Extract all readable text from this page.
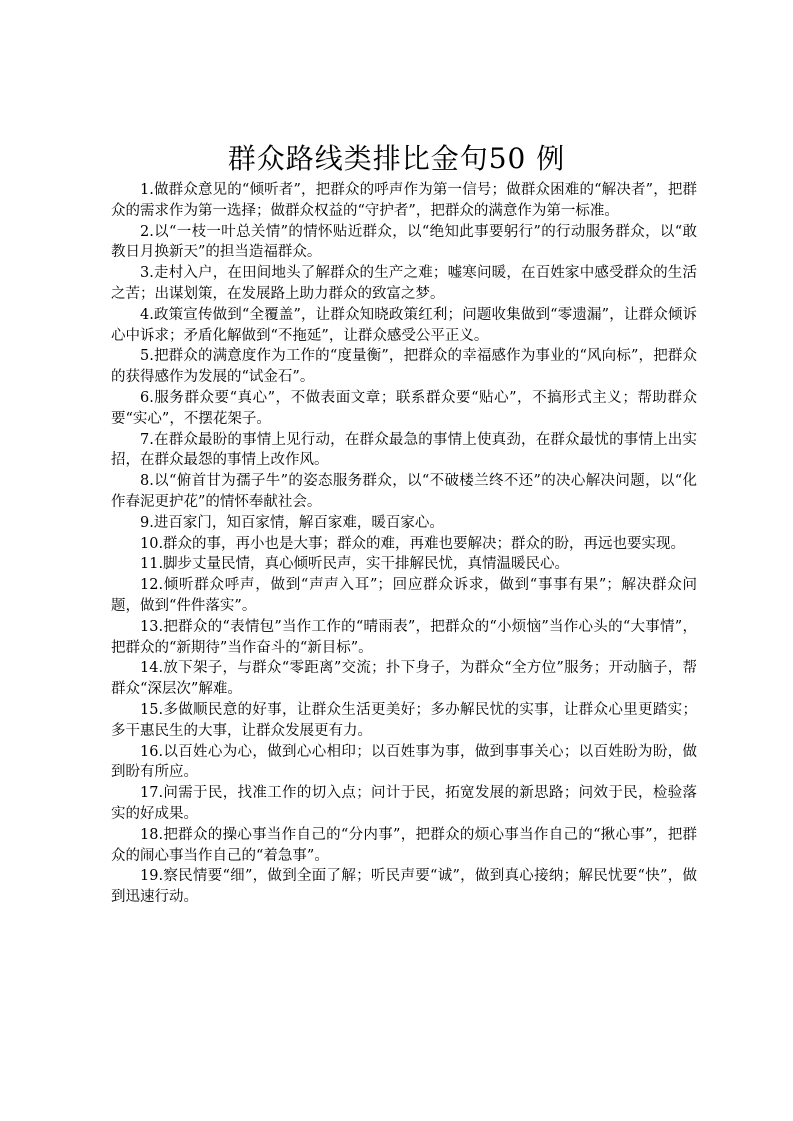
群众路线类排比金句50 例

1.做群众意见的“倾听者”，把群众的呼声作为第一信号；做群众困难的“解决者”，把群众的需求作为第一选择；做群众权益的“守护者”，把群众的满意作为第一标准。

2.以“一枝一叶总关情”的情怀贴近群众，以“绝知此事要躬行”的行动服务群众，以“敢教日月换新天”的担当造福群众。

3.走村入户，在田间地头了解群众的生产之难；嘘寒问暖，在百姓家中感受群众的生活之苦；出谋划策，在发展路上助力群众的致富之梦。

4.政策宣传做到“全覆盖”，让群众知晓政策红利；问题收集做到“零遗漏”，让群众倾诉心中诉求；矛盾化解做到“不拖延”，让群众感受公平正义。

5.把群众的满意度作为工作的“度量衡”，把群众的幸福感作为事业的“风向标”，把群众的获得感作为发展的“试金石”。

6.服务群众要“真心”，不做表面文章；联系群众要“贴心”，不搞形式主义；帮助群众要“实心”，不摆花架子。

7.在群众最盼的事情上见行动，在群众最急的事情上使真劲，在群众最忧的事情上出实招，在群众最怨的事情上改作风。

8.以“俯首甘为孺子牛”的姿态服务群众，以“不破楼兰终不还”的决心解决问题，以“化作春泥更护花”的情怀奉献社会。

9.进百家门，知百家情，解百家难，暖百家心。

10.群众的事，再小也是大事；群众的难，再难也要解决；群众的盼，再远也要实现。

11.脚步丈量民情，真心倾听民声，实干排解民忧，真情温暖民心。

12.倾听群众呼声，做到“声声入耳”；回应群众诉求，做到“事事有果”；解决群众问题，做到“件件落实”。

13.把群众的“表情包”当作工作的“晴雨表”，把群众的“小烦恼”当作心头的“大事情”，把群众的“新期待”当作奋斗的“新目标”。

14.放下架子，与群众“零距离”交流；扑下身子，为群众“全方位”服务；开动脑子，帮群众“深层次”解难。

15.多做顺民意的好事，让群众生活更美好；多办解民忧的实事，让群众心里更踏实；多干惠民生的大事，让群众发展更有力。

16.以百姓心为心，做到心心相印；以百姓事为事，做到事事关心；以百姓盼为盼，做到盼有所应。

17.问需于民，找准工作的切入点；问计于民，拓宽发展的新思路；问效于民，检验落实的好成果。

18.把群众的操心事当作自己的“分内事”，把群众的烦心事当作自己的“揪心事”，把群众的闹心事当作自己的“着急事”。

19.察民情要“细”，做到全面了解；听民声要“诚”，做到真心接纳；解民忧要“快”，做到迅速行动。
